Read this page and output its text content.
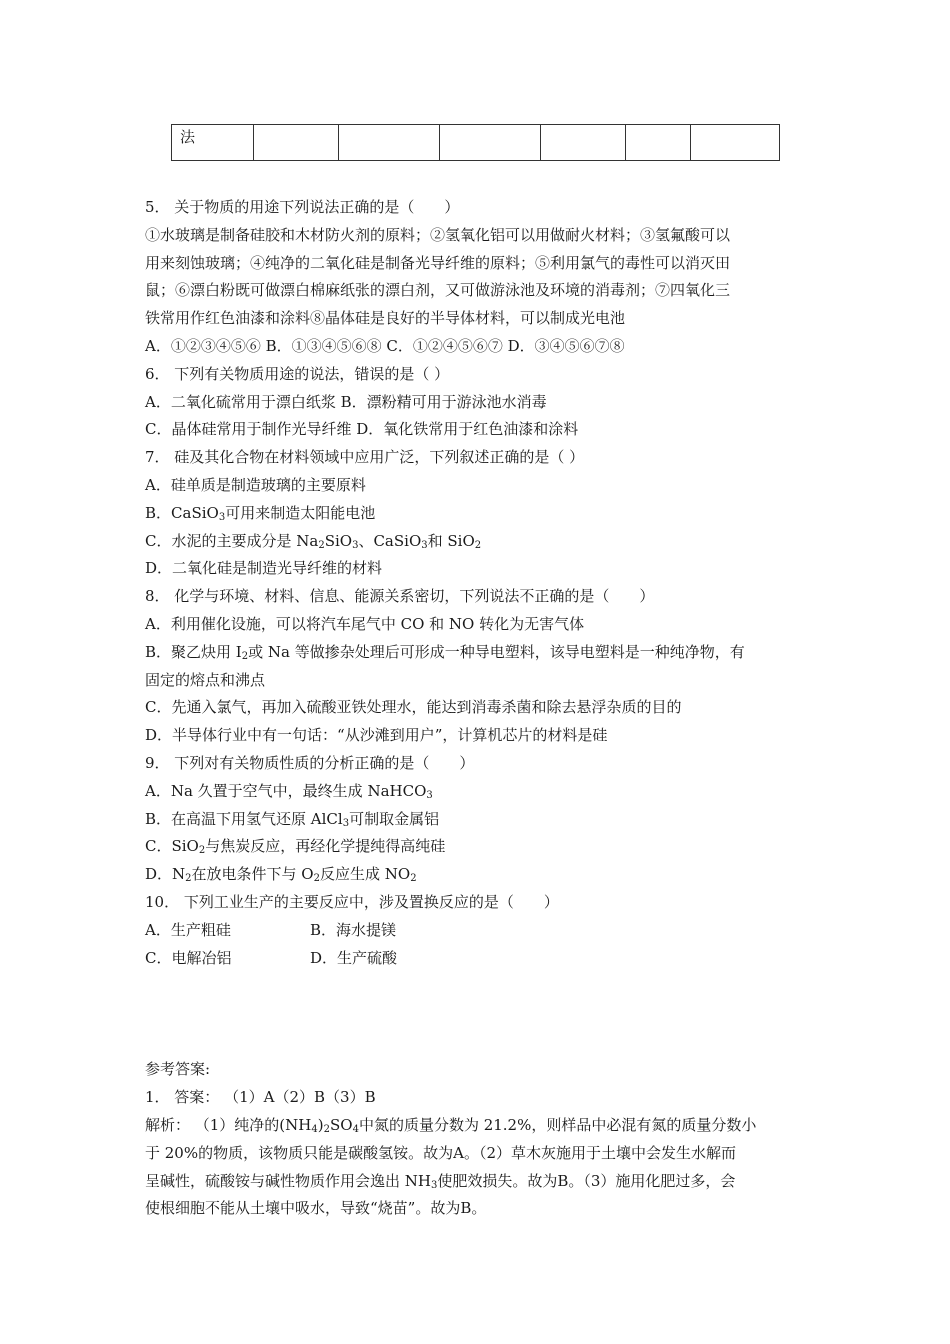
法						

5． 关于物质的用途下列说法正确的是（　　）

①水玻璃是制备硅胶和木材防火剂的原料；②氢氧化铝可以用做耐火材料；③氢氟酸可以

用来刻蚀玻璃；④纯净的二氧化硅是制备光导纤维的原料；⑤利用氯气的毒性可以消灭田

鼠；⑥漂白粉既可做漂白棉麻纸张的漂白剂，又可做游泳池及环境的消毒剂；⑦四氧化三

铁常用作红色油漆和涂料⑧晶体硅是良好的半导体材料，可以制成光电池

A．①②③④⑤⑥ B．①③④⑤⑥⑧ C．①②④⑤⑥⑦ D．③④⑤⑥⑦⑧

6． 下列有关物质用途的说法，错误的是（ ）

A．二氧化硫常用于漂白纸浆 B．漂粉精可用于游泳池水消毒

C．晶体硅常用于制作光导纤维 D．氧化铁常用于红色油漆和涂料

7． 硅及其化合物在材料领域中应用广泛，下列叙述正确的是（ ）

A．硅单质是制造玻璃的主要原料

B．CaSiO$_3$可用来制造太阳能电池

C．水泥的主要成分是 $Na_2SiO_3$、CaSiO$_3$和 SiO$_2$

D．二氧化硅是制造光导纤维的材料

8． 化学与环境、材料、信息、能源关系密切，下列说法不正确的是（　　）

A．利用催化设施，可以将汽车尾气中 CO 和 NO 转化为无害气体

B．聚乙炔用 $I_2$或 Na 等做掺杂处理后可形成一种导电塑料，该导电塑料是一种纯净物，有

固定的熔点和沸点

C．先通入氯气，再加入硫酸亚铁处理水，能达到消毒杀菌和除去悬浮杂质的目的

D．半导体行业中有一句话：“从沙滩到用户”，计算机芯片的材料是硅

9． 下列对有关物质性质的分析正确的是（　　）

A．Na 久置于空气中，最终生成 NaHCO$_3$

B．在高温下用氢气还原 AlCl$_3$可制取金属铝

C．SiO$_2$与焦炭反应，再经化学提纯得高纯硅

D．$N_2$在放电条件下与 $O_2$反应生成 $NO_2$

10． 下列工业生产的主要反应中，涉及置换反应的是（　　）

A．生产粗硅	B．海水提镁

C．电解冶铝	D．生产硫酸

参考答案:

1． 答案： （1）A（2）B（3）B

解析： （1）纯净的$(NH_4)_2SO_4$中氮的质量分数为 21.2%，则样品中必混有氮的质量分数小

于 20%的物质，该物质只能是碳酸氢铵。故为A。（2）草木灰施用于土壤中会发生水解而

呈碱性，硫酸铵与碱性物质作用会逸出 $NH_3$使肥效损失。故为B。（3）施用化肥过多，会

使根细胞不能从土壤中吸水，导致“烧苗”。故为B。
